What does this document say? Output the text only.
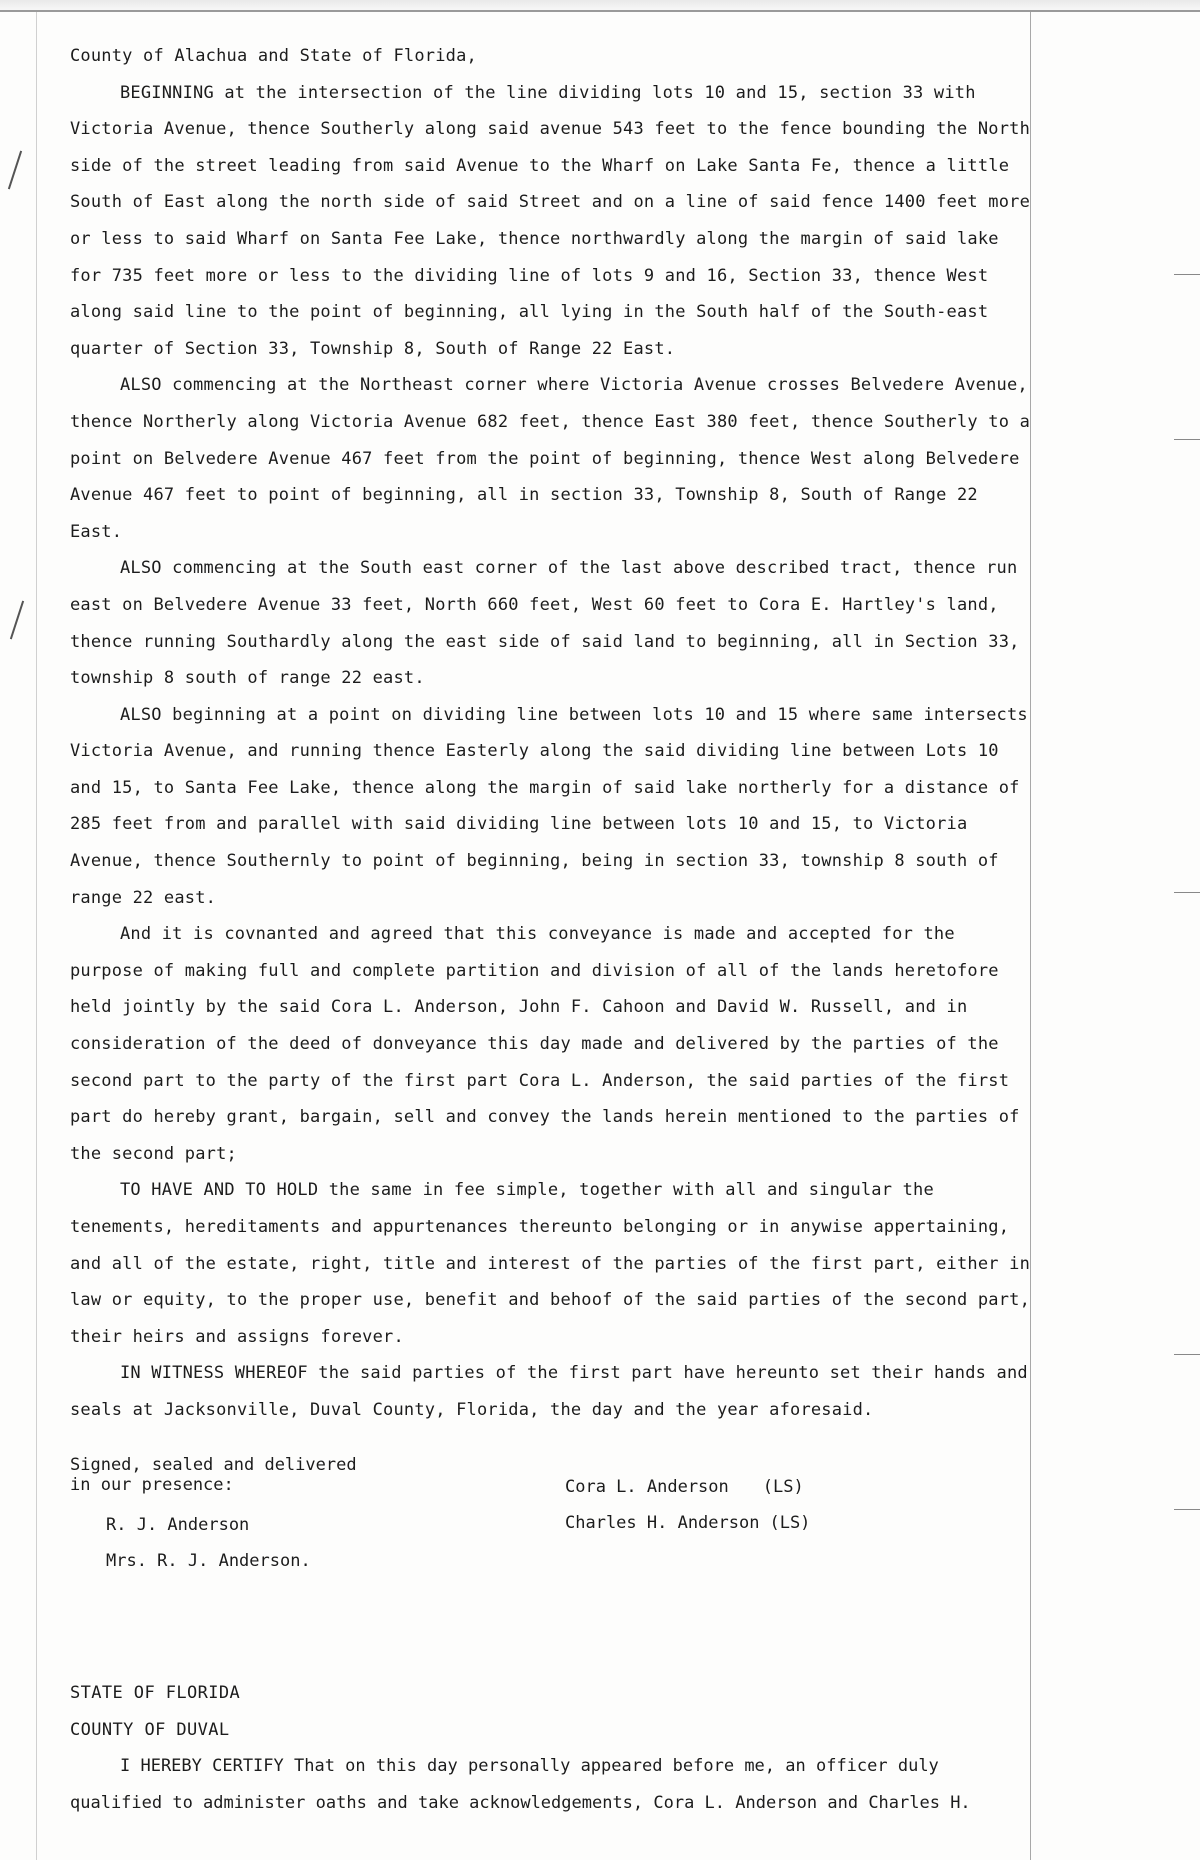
County of Alachua and State of Florida,

BEGINNING at the intersection of the line dividing lots 10 and 15, section 33 with Victoria Avenue, thence Southerly along said avenue 543 feet to the fence bounding the North side of the street leading from said Avenue to the Wharf on Lake Santa Fe, thence a little South of East along the north side of said Street and on a line of said fence 1400 feet more or less to said Wharf on Santa Fee Lake, thence northwardly along the margin of said lake for 735 feet more or less to the dividing line of lots 9 and 16, Section 33, thence West along said line to the point of beginning, all lying in the South half of the South-east quarter of Section 33, Township 8, South of Range 22 East.

ALSO commencing at the Northeast corner where Victoria Avenue crosses Belvedere Avenue, thence Northerly along Victoria Avenue 682 feet, thence East 380 feet, thence Southerly to a point on Belvedere Avenue 467 feet from the point of beginning, thence West along Belvedere Avenue 467 feet to point of beginning, all in section 33, Township 8, South of Range 22 East.

ALSO commencing at the South east corner of the last above described tract, thence run east on Belvedere Avenue 33 feet, North 660 feet, West 60 feet to Cora E. Hartley's land, thence running Southardly along the east side of said land to beginning, all in Section 33, township 8 south of range 22 east.

ALSO beginning at a point on dividing line between lots 10 and 15 where same intersects Victoria Avenue, and running thence Easterly along the said dividing line between Lots 10 and 15, to Santa Fee Lake, thence along the margin of said lake northerly for a distance of 285 feet from and parallel with said dividing line between lots 10 and 15, to Victoria Avenue, thence Southernly to point of beginning, being in section 33, township 8 south of range 22 east.

And it is covnanted and agreed that this conveyance is made and accepted for the purpose of making full and complete partition and division of all of the lands heretofore held jointly by the said Cora L. Anderson, John F. Cahoon and David W. Russell, and in consideration of the deed of donveyance this day made and delivered by the parties of the second part to the party of the first part Cora L. Anderson, the said parties of the first part do hereby grant, bargain, sell and convey the lands herein mentioned to the parties of the second part;

TO HAVE AND TO HOLD the same in fee simple, together with all and singular the tenements, hereditaments and appurtenances thereunto belonging or in anywise appertaining, and all of the estate, right, title and interest of the parties of the first part, either in law or equity, to the proper use, benefit and behoof of the said parties of the second part, their heirs and assigns forever.

IN WITNESS WHEREOF the said parties of the first part have hereunto set their hands and seals at Jacksonville, Duval County, Florida, the day and the year aforesaid.

Signed, sealed and delivered

in our presence:

R. J. Anderson
Mrs. R. J. Anderson.
Cora L. Anderson (LS)
Charles H. Anderson (LS)

STATE OF FLORIDA

COUNTY OF DUVAL

I HEREBY CERTIFY That on this day personally appeared before me, an officer duly qualified to administer oaths and take acknowledgements, Cora L. Anderson and Charles H.
